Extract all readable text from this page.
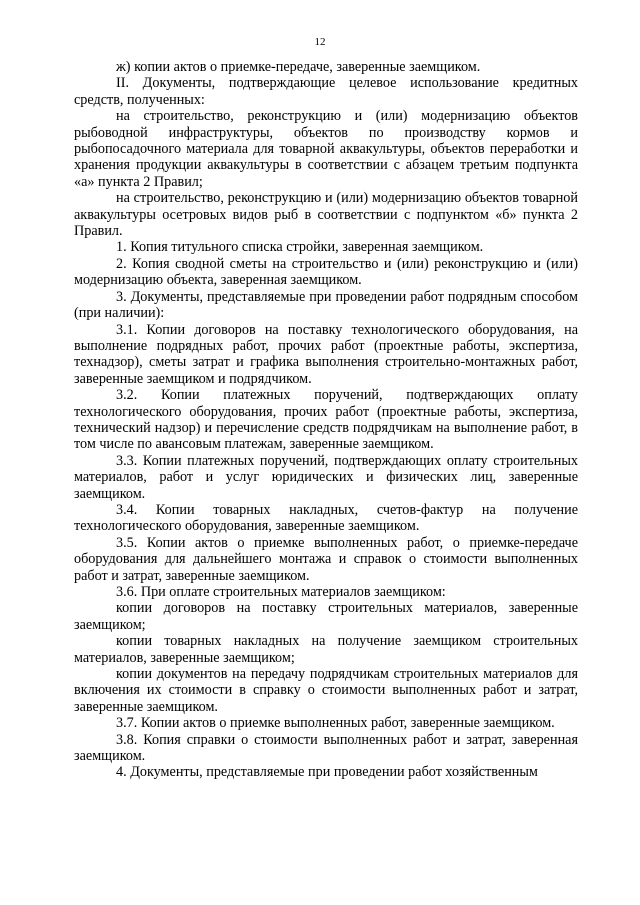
12

ж) копии актов о приемке-передаче, заверенные заемщиком.

II. Документы, подтверждающие целевое использование кредитных средств, полученных:

на строительство, реконструкцию и (или) модернизацию объектов рыбоводной инфраструктуры, объектов по производству кормов и рыбопосадочного материала для товарной аквакультуры, объектов переработки и хранения продукции аквакультуры в соответствии с абзацем третьим подпункта «а» пункта 2 Правил;

на строительство, реконструкцию и (или) модернизацию объектов товарной аквакультуры осетровых видов рыб в соответствии с подпунктом «б» пункта 2 Правил.

1. Копия титульного списка стройки, заверенная заемщиком.

2. Копия сводной сметы на строительство и (или) реконструкцию и (или) модернизацию объекта, заверенная заемщиком.

3. Документы, представляемые при проведении работ подрядным способом (при наличии):

3.1. Копии договоров на поставку технологического оборудования, на выполнение подрядных работ, прочих работ (проектные работы, экспертиза, технадзор), сметы затрат и графика выполнения строительно-монтажных работ, заверенные заемщиком и подрядчиком.

3.2. Копии платежных поручений, подтверждающих оплату технологического оборудования, прочих работ (проектные работы, экспертиза, технический надзор) и перечисление средств подрядчикам на выполнение работ, в том числе по авансовым платежам, заверенные заемщиком.

3.3. Копии платежных поручений, подтверждающих оплату строительных материалов, работ и услуг юридических и физических лиц, заверенные заемщиком.

3.4. Копии товарных накладных, счетов-фактур на получение технологического оборудования, заверенные заемщиком.

3.5. Копии актов о приемке выполненных работ, о приемке-передаче оборудования для дальнейшего монтажа и справок о стоимости выполненных работ и затрат, заверенные заемщиком.

3.6. При оплате строительных материалов заемщиком:

копии договоров на поставку строительных материалов, заверенные заемщиком;

копии товарных накладных на получение заемщиком строительных материалов, заверенные заемщиком;

копии документов на передачу подрядчикам строительных материалов для включения их стоимости в справку о стоимости выполненных работ и затрат, заверенные заемщиком.

3.7. Копии актов о приемке выполненных работ, заверенные заемщиком.

3.8. Копия справки о стоимости выполненных работ и затрат, заверенная заемщиком.

4. Документы, представляемые при проведении работ хозяйственным
